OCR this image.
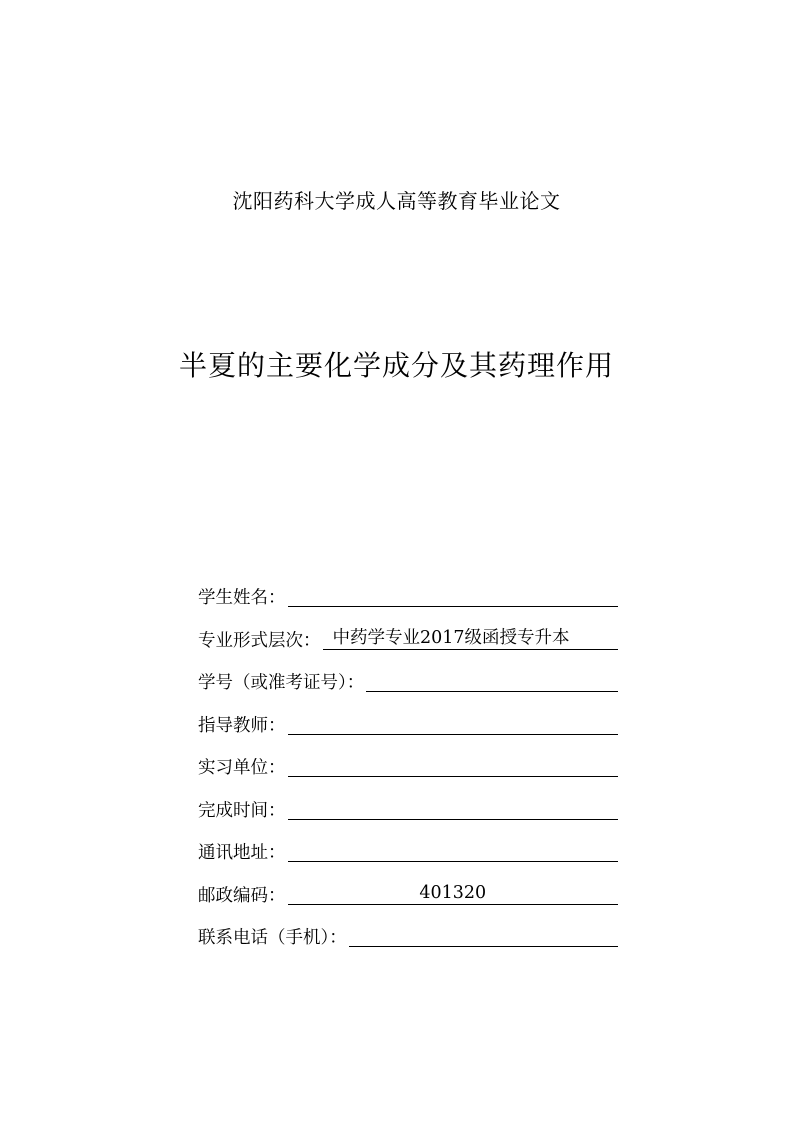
沈阳药科大学成人高等教育毕业论文
半夏的主要化学成分及其药理作用
学生姓名：
专业形式层次： 中药学专业2017级函授专升本
学号（或准考证号）：
指导教师：
实习单位：
完成时间：
通讯地址：
邮政编码：	401320
联系电话（手机）：
